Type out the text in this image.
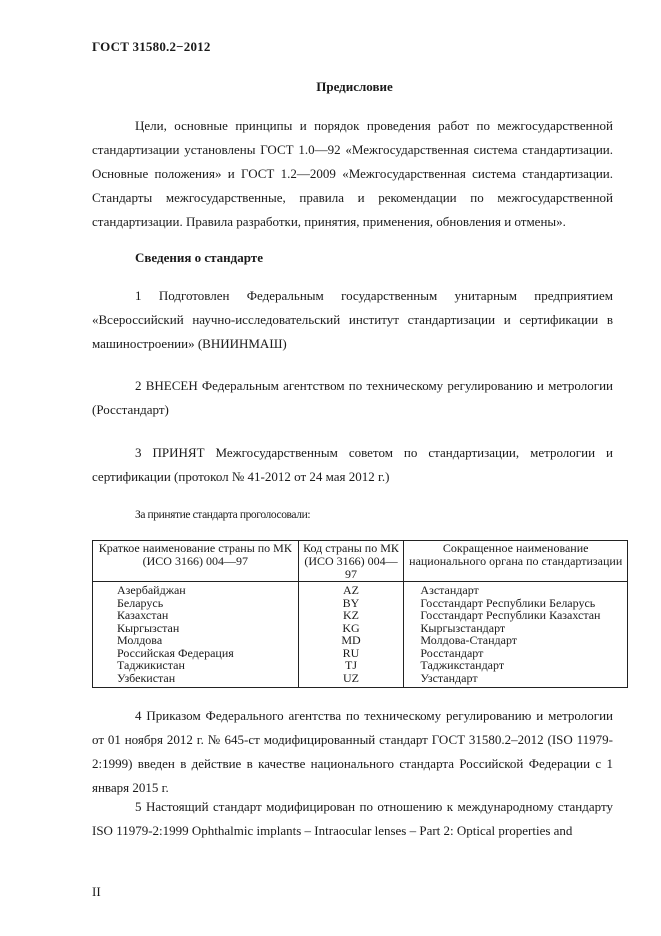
ГОСТ 31580.2−2012
Предисловие
Цели, основные принципы и порядок проведения работ по межгосударственной стандартизации установлены ГОСТ 1.0—92 «Межгосударственная система стандартизации. Основные положения» и ГОСТ 1.2—2009 «Межгосударственная система стандартизации. Стандарты межгосударственные, правила и рекомендации по межгосударственной стандартизации. Правила разработки, принятия, применения, обновления и отмены».
Сведения о стандарте
1 Подготовлен Федеральным государственным унитарным предприятием «Всероссийский научно-исследовательский институт стандартизации и сертификации в машиностроении» (ВНИИНМАШ)
2 ВНЕСЕН Федеральным агентством по техническому регулированию и метрологии (Росстандарт)
3 ПРИНЯТ Межгосударственным советом по стандартизации, метрологии и сертификации (протокол № 41-2012 от 24 мая 2012 г.)
За принятие стандарта проголосовали:
Краткое наименование страны по МК (ИСО 3166) 004—97	Код страны по МК (ИСО 3166) 004—97	Сокращенное наименование национального органа по стандартизации
Азербайджан	AZ	Азстандарт
Беларусь	BY	Госстандарт Республики Беларусь
Казахстан	KZ	Госстандарт Республики Казахстан
Кыргызстан	KG	Кыргызстандарт
Молдова	MD	Молдова-Стандарт
Российская Федерация	RU	Росстандарт
Таджикистан	TJ	Таджикстандарт
Узбекистан	UZ	Узстандарт
4 Приказом Федерального агентства по техническому регулированию и метрологии от 01 ноября 2012 г. № 645-ст модифицированный стандарт ГОСТ 31580.2–2012 (ISO 11979-2:1999) введен в действие в качестве национального стандарта Российской Федерации с 1 января 2015 г.
5 Настоящий стандарт модифицирован по отношению к международному стандарту ISO 11979-2:1999 Ophthalmic implants – Intraocular lenses – Part 2: Optical properties and
II
